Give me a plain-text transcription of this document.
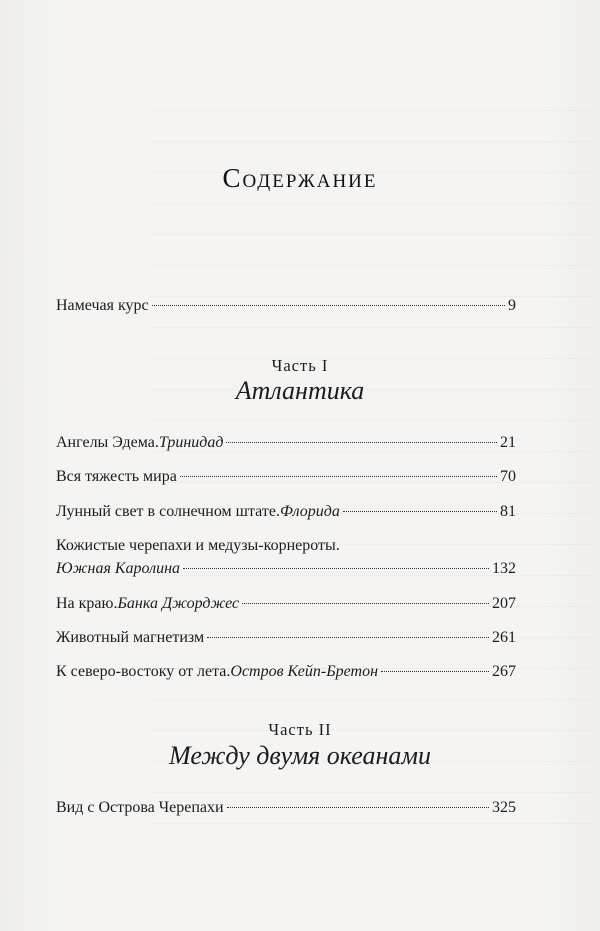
Содержание
Намечая курс	9
Часть I
Атлантика
Ангелы Эдема. Тринидад	21
Вся тяжесть мира	70
Лунный свет в солнечном штате. Флорида	81
Кожистые черепахи и медузы-корнероты.
Южная Каролина	132
На краю. Банка Джорджес	207
Животный магнетизм	261
К северо-востоку от лета. Остров Кейп-Бретон	267
Часть II
Между двумя океанами
Вид с Острова Черепахи	325
